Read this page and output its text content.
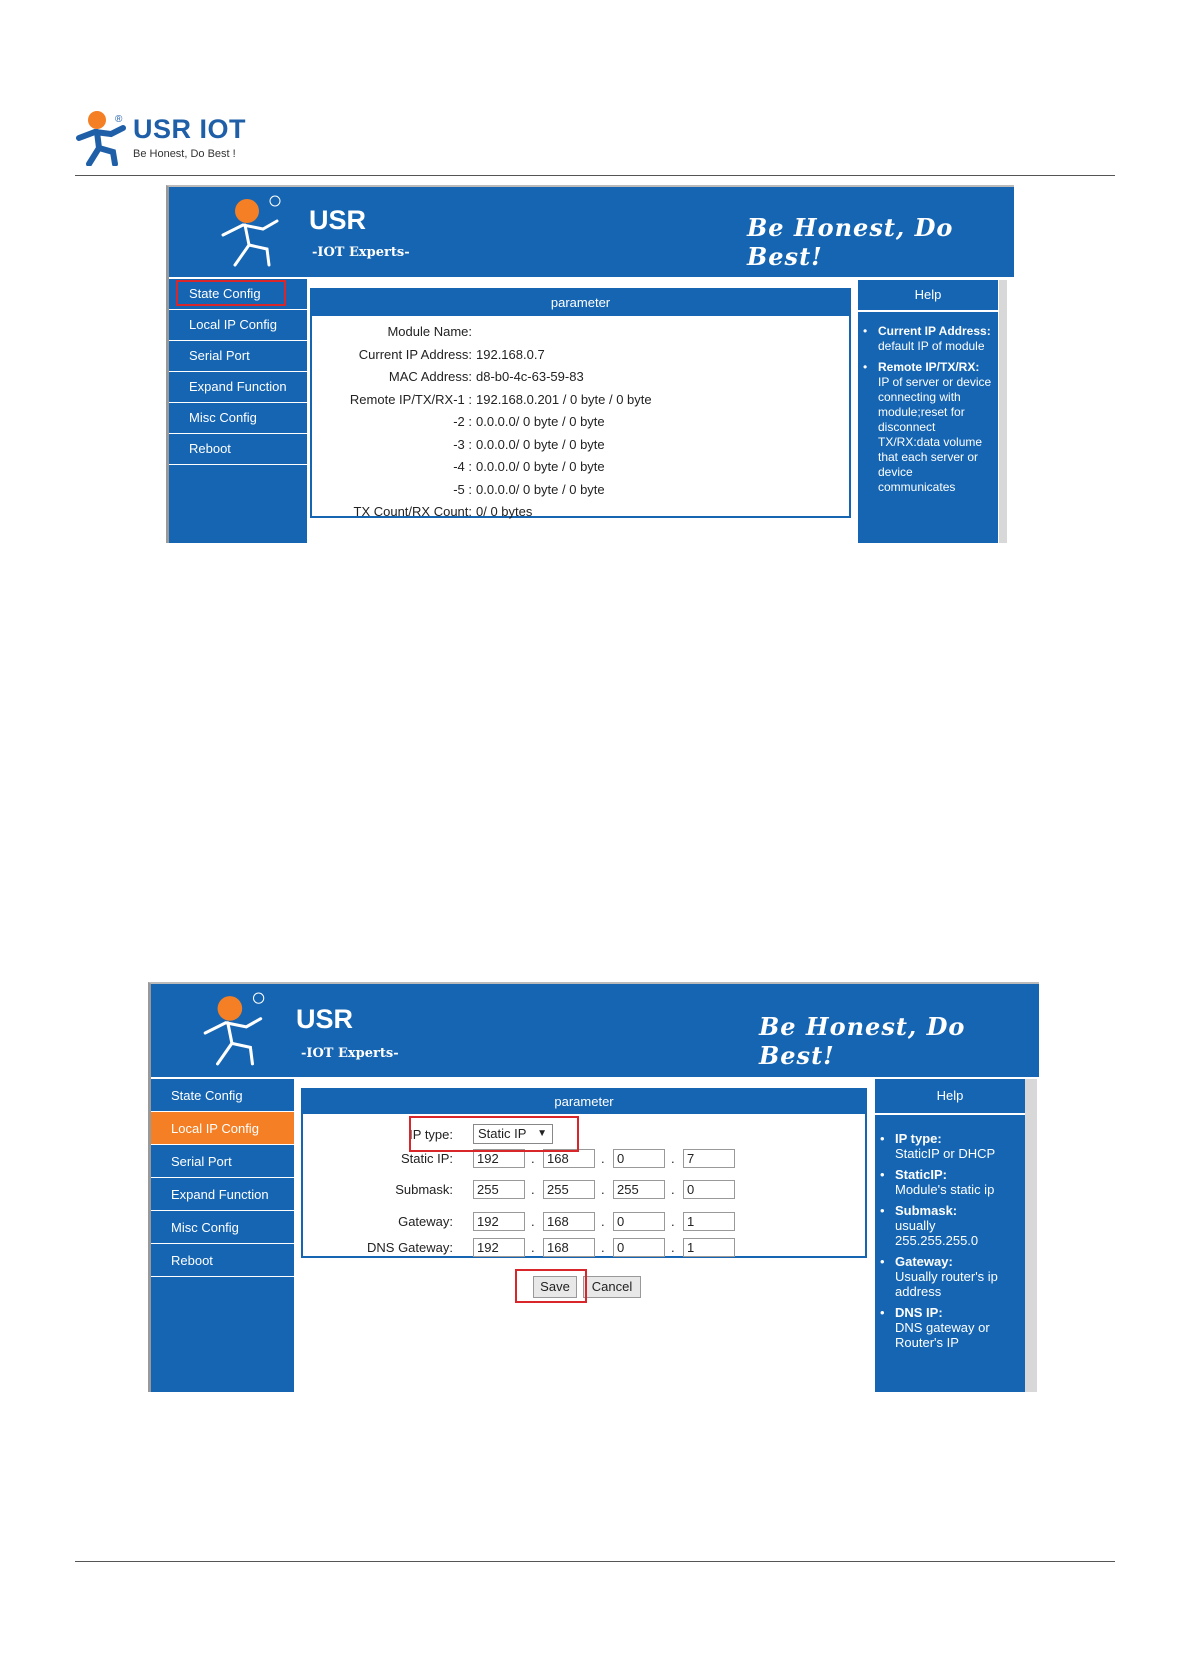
® USR IOT
Be Honest, Do Best !
USR
-IOT Experts-
Be Honest, Do Best!
State Config
Local IP Config
Serial Port
Expand Function
Misc Config
Reboot
parameter
Module Name:
Current IP Address: 192.168.0.7
MAC Address: d8-b0-4c-63-59-83
Remote IP/TX/RX-1 : 192.168.0.201 / 0 byte / 0 byte
-2 : 0.0.0.0/ 0 byte / 0 byte
-3 : 0.0.0.0/ 0 byte / 0 byte
-4 : 0.0.0.0/ 0 byte / 0 byte
-5 : 0.0.0.0/ 0 byte / 0 byte
TX Count/RX Count: 0/ 0 bytes
Help
• Current IP Address:
default IP of module
• Remote IP/TX/RX:
IP of server or device connecting with module;reset for disconnect TX/RX:data volume that each server or device communicates
USR
-IOT Experts-
Be Honest, Do Best!
State Config
Local IP Config
Serial Port
Expand Function
Misc Config
Reboot
parameter
IP type:	Static IP ▼
Static IP:	192	. 168	. 0	. 7
Submask:	255	. 255	. 255	. 0
Gateway:	192	. 168	. 0	. 1
DNS Gateway:	192	. 168	. 0	. 1
Save	Cancel
Help
• IP type:
StaticIP or DHCP
• StaticIP:
Module's static ip
• Submask:
usually 255.255.255.0
• Gateway:
Usually router's ip address
• DNS IP:
DNS gateway or Router's IP
